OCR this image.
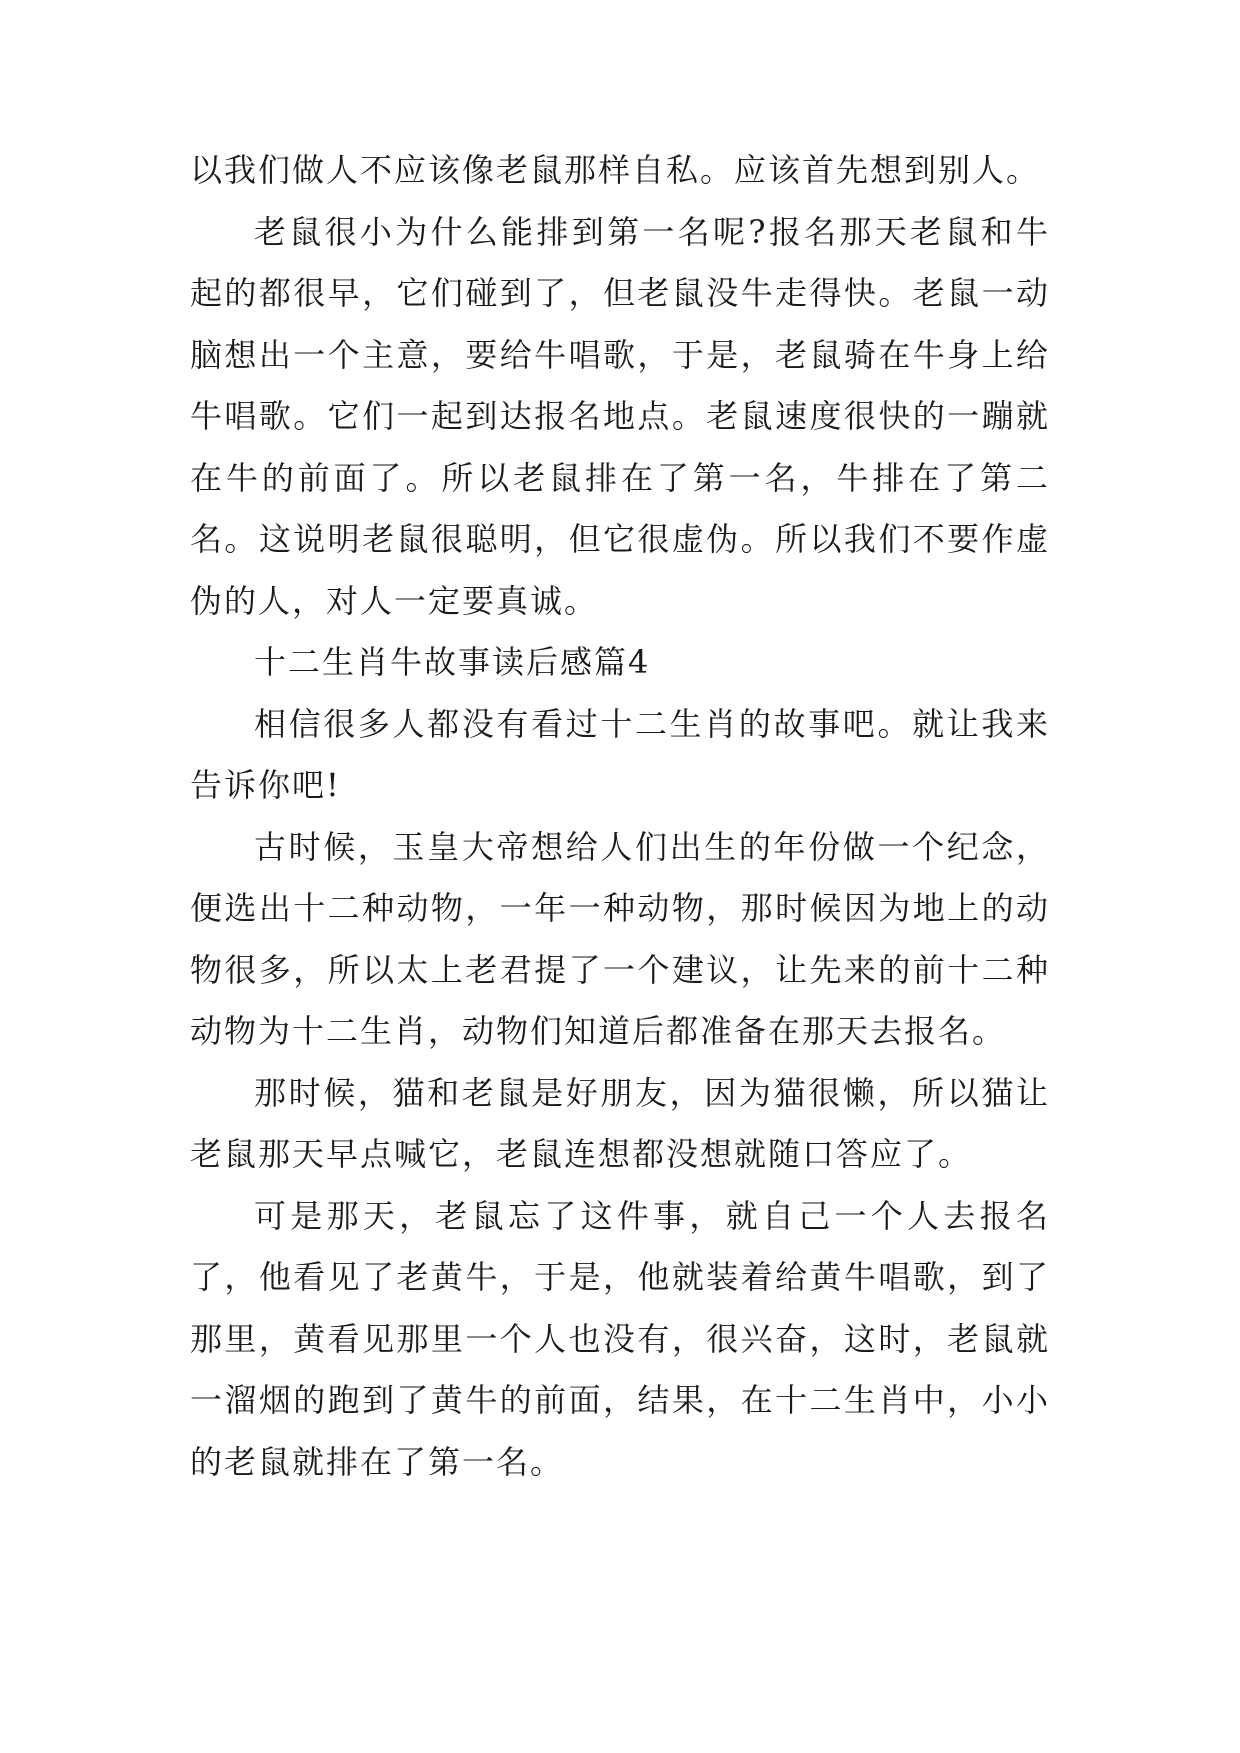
以我们做人不应该像老鼠那样自私。应该首先想到别人。

老鼠很小为什么能排到第一名呢?报名那天老鼠和牛起的都很早，它们碰到了，但老鼠没牛走得快。老鼠一动脑想出一个主意，要给牛唱歌，于是，老鼠骑在牛身上给牛唱歌。它们一起到达报名地点。老鼠速度很快的一蹦就在牛的前面了。所以老鼠排在了第一名，牛排在了第二名。这说明老鼠很聪明，但它很虚伪。所以我们不要作虚伪的人，对人一定要真诚。

十二生肖牛故事读后感篇4

相信很多人都没有看过十二生肖的故事吧。就让我来告诉你吧!

古时候，玉皇大帝想给人们出生的年份做一个纪念，便选出十二种动物，一年一种动物，那时候因为地上的动物很多，所以太上老君提了一个建议，让先来的前十二种动物为十二生肖，动物们知道后都准备在那天去报名。

那时候，猫和老鼠是好朋友，因为猫很懒，所以猫让老鼠那天早点喊它，老鼠连想都没想就随口答应了。

可是那天，老鼠忘了这件事，就自己一个人去报名了，他看见了老黄牛，于是，他就装着给黄牛唱歌，到了那里，黄看见那里一个人也没有，很兴奋，这时，老鼠就一溜烟的跑到了黄牛的前面，结果，在十二生肖中，小小的老鼠就排在了第一名。
